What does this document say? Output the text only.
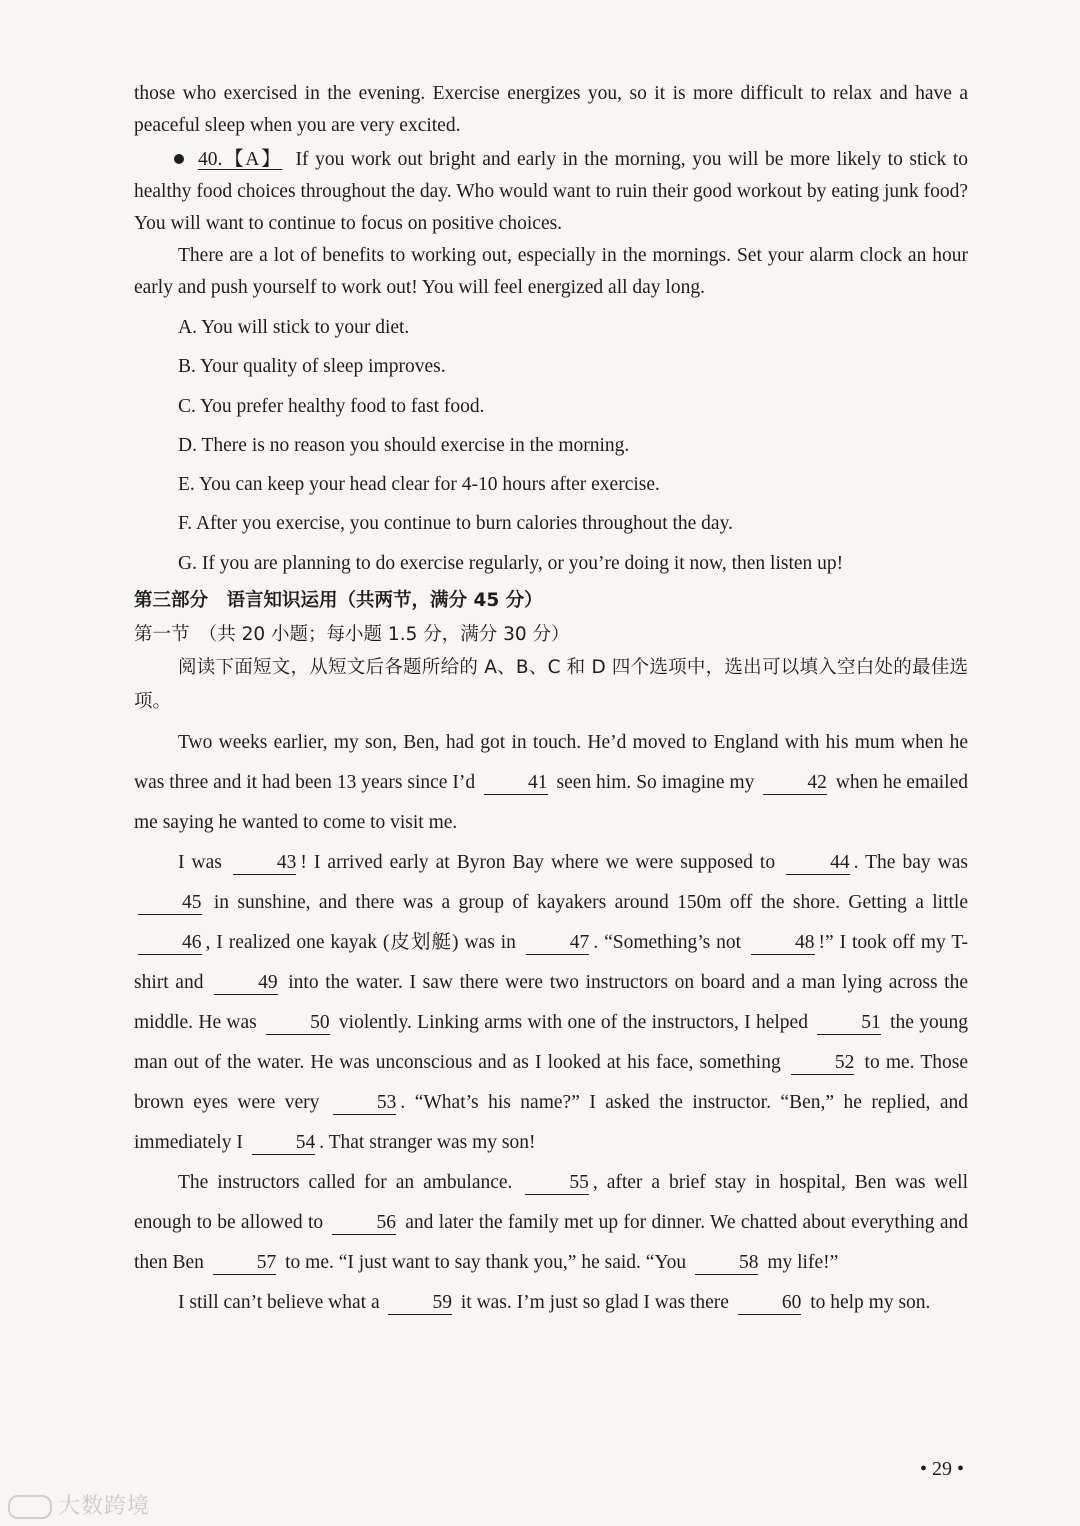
those who exercised in the evening. Exercise energizes you, so it is more difficult to relax and have a peaceful sleep when you are very excited.

40.【A】 If you work out bright and early in the morning, you will be more likely to stick to healthy food choices throughout the day. Who would want to ruin their good workout by eating junk food? You will want to continue to focus on positive choices.

There are a lot of benefits to working out, especially in the mornings. Set your alarm clock an hour early and push yourself to work out! You will feel energized all day long.

A. You will stick to your diet.

B. Your quality of sleep improves.

C. You prefer healthy food to fast food.

D. There is no reason you should exercise in the morning.

E. You can keep your head clear for 4-10 hours after exercise.

F. After you exercise, you continue to burn calories throughout the day.

G. If you are planning to do exercise regularly, or you’re doing it now, then listen up!

第三部分　语言知识运用（共两节，满分 45 分）

第一节　（共 20 小题；每小题 1.5 分，满分 30 分）

阅读下面短文，从短文后各题所给的 A、B、C 和 D 四个选项中，选出可以填入空白处的最佳选项。

Two weeks earlier, my son, Ben, had got in touch. He’d moved to England with his mum when he was three and it had been 13 years since I’d 41 seen him. So imagine my 42 when he emailed me saying he wanted to come to visit me.

I was 43 ! I arrived early at Byron Bay where we were supposed to 44 . The bay was 45 in sunshine, and there was a group of kayakers around 150m off the shore. Getting a little 46 , I realized one kayak (皮划艇) was in 47 . “Something’s not 48 !” I took off my T-shirt and 49 into the water. I saw there were two instructors on board and a man lying across the middle. He was 50 violently. Linking arms with one of the instructors, I helped 51 the young man out of the water. He was unconscious and as I looked at his face, something 52 to me. Those brown eyes were very 53 . “What’s his name?” I asked the instructor. “Ben,” he replied, and immediately I 54 . That stranger was my son!

The instructors called for an ambulance. 55 , after a brief stay in hospital, Ben was well enough to be allowed to 56 and later the family met up for dinner. We chatted about everything and then Ben 57 to me. “I just want to say thank you,” he said. “You 58 my life!”

I still can’t believe what a 59 it was. I’m just so glad I was there 60 to help my son.

• 29 •
大数跨境
